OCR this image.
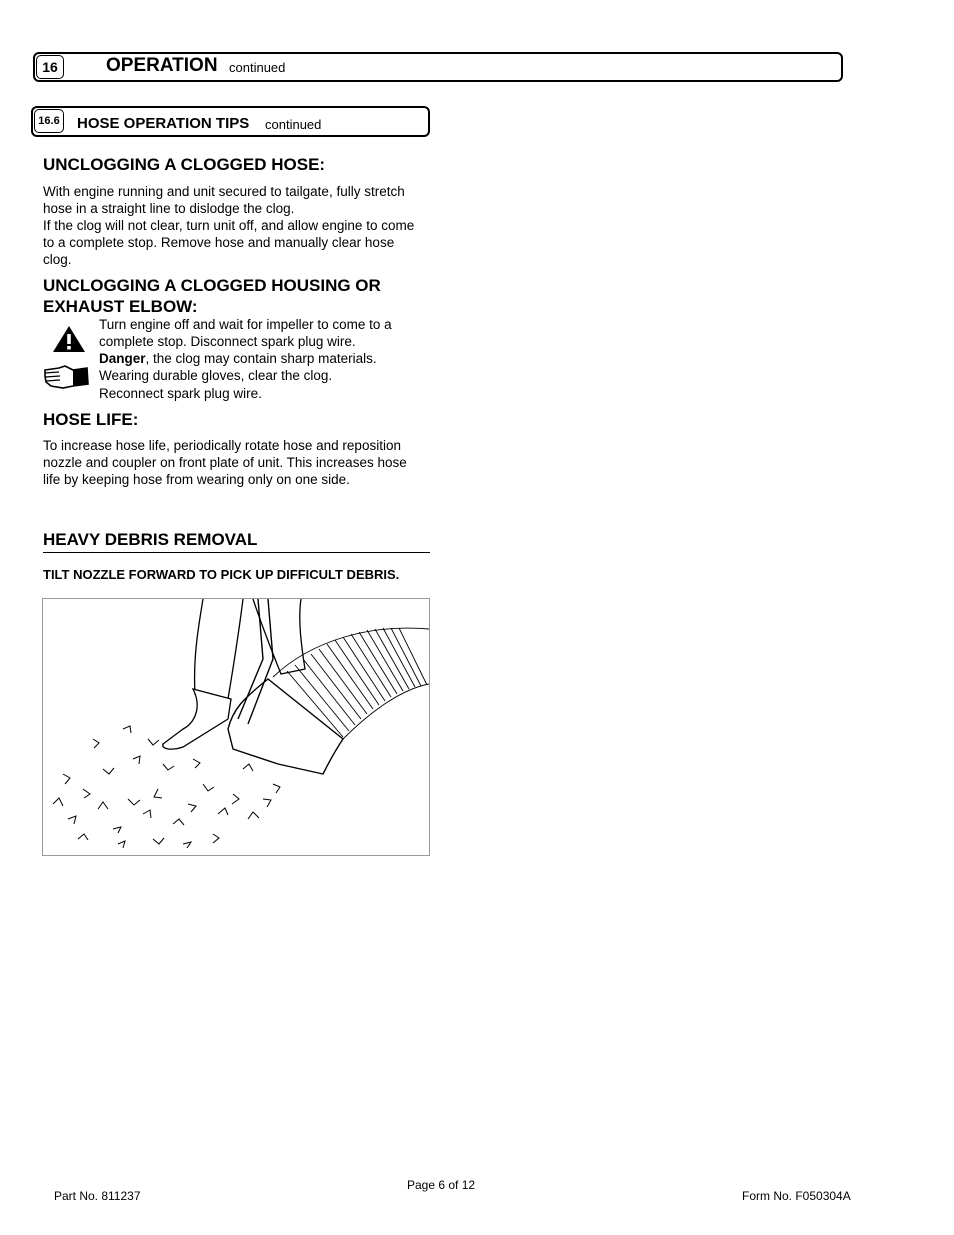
16	OPERATION continued
16.6 HOSE OPERATION TIPS continued
UNCLOGGING A CLOGGED HOSE:
With engine running and unit secured to tailgate, fully stretch
hose in a straight line to dislodge the clog.
If the clog will not clear, turn unit off, and allow engine to come
to a complete stop. Remove hose and manually clear hose
clog.
UNCLOGGING A CLOGGED HOUSING OR
EXHAUST ELBOW:
Turn engine off and wait for impeller to come to a
complete stop. Disconnect spark plug wire.
Danger, the clog may contain sharp materials.
Wearing durable gloves, clear the clog.
Reconnect spark plug wire.
HOSE LIFE:
To increase hose life, periodically rotate hose and reposition
nozzle and coupler on front plate of unit. This increases hose
life by keeping hose from wearing only on one side.
HEAVY DEBRIS REMOVAL
TILT NOZZLE FORWARD TO PICK UP DIFFICULT DEBRIS.
Page 6 of 12
Part No. 811237	Form No. F050304A
